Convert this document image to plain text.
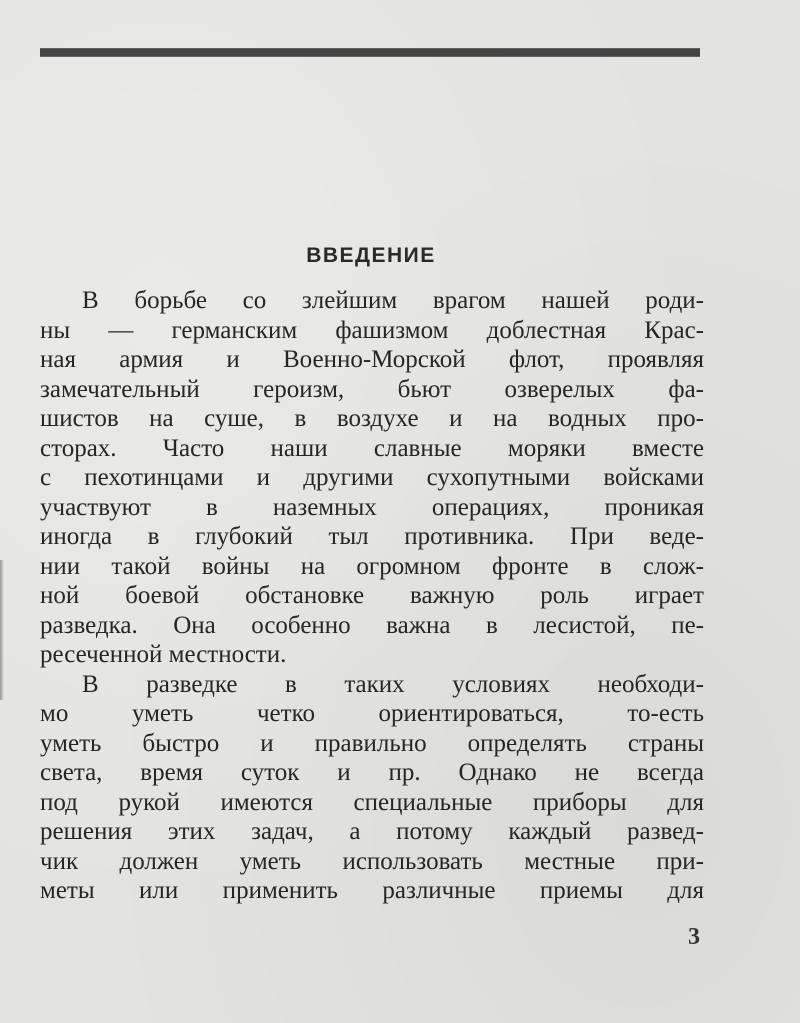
ВВЕДЕНИЕ
В борьбе со злейшим врагом нашей роди-
ны — германским фашизмом доблестная Крас-
ная армия и Военно-Морской флот, проявляя
замечательный героизм, бьют озверелых фа-
шистов на суше, в воздухе и на водных про-
сторах. Часто наши славные моряки вместе
с пехотинцами и другими сухопутными войсками
участвуют в наземных операциях, проникая
иногда в глубокий тыл противника. При веде-
нии такой войны на огромном фронте в слож-
ной боевой обстановке важную роль играет
разведка. Она особенно важна в лесистой, пе-
ресеченной местности.
В разведке в таких условиях необходи-
мо уметь четко ориентироваться, то-есть
уметь быстро и правильно определять страны
света, время суток и пр. Однако не всегда
под рукой имеются специальные приборы для
решения этих задач, а потому каждый развед-
чик должен уметь использовать местные при-
меты или применить различные приемы для
3
